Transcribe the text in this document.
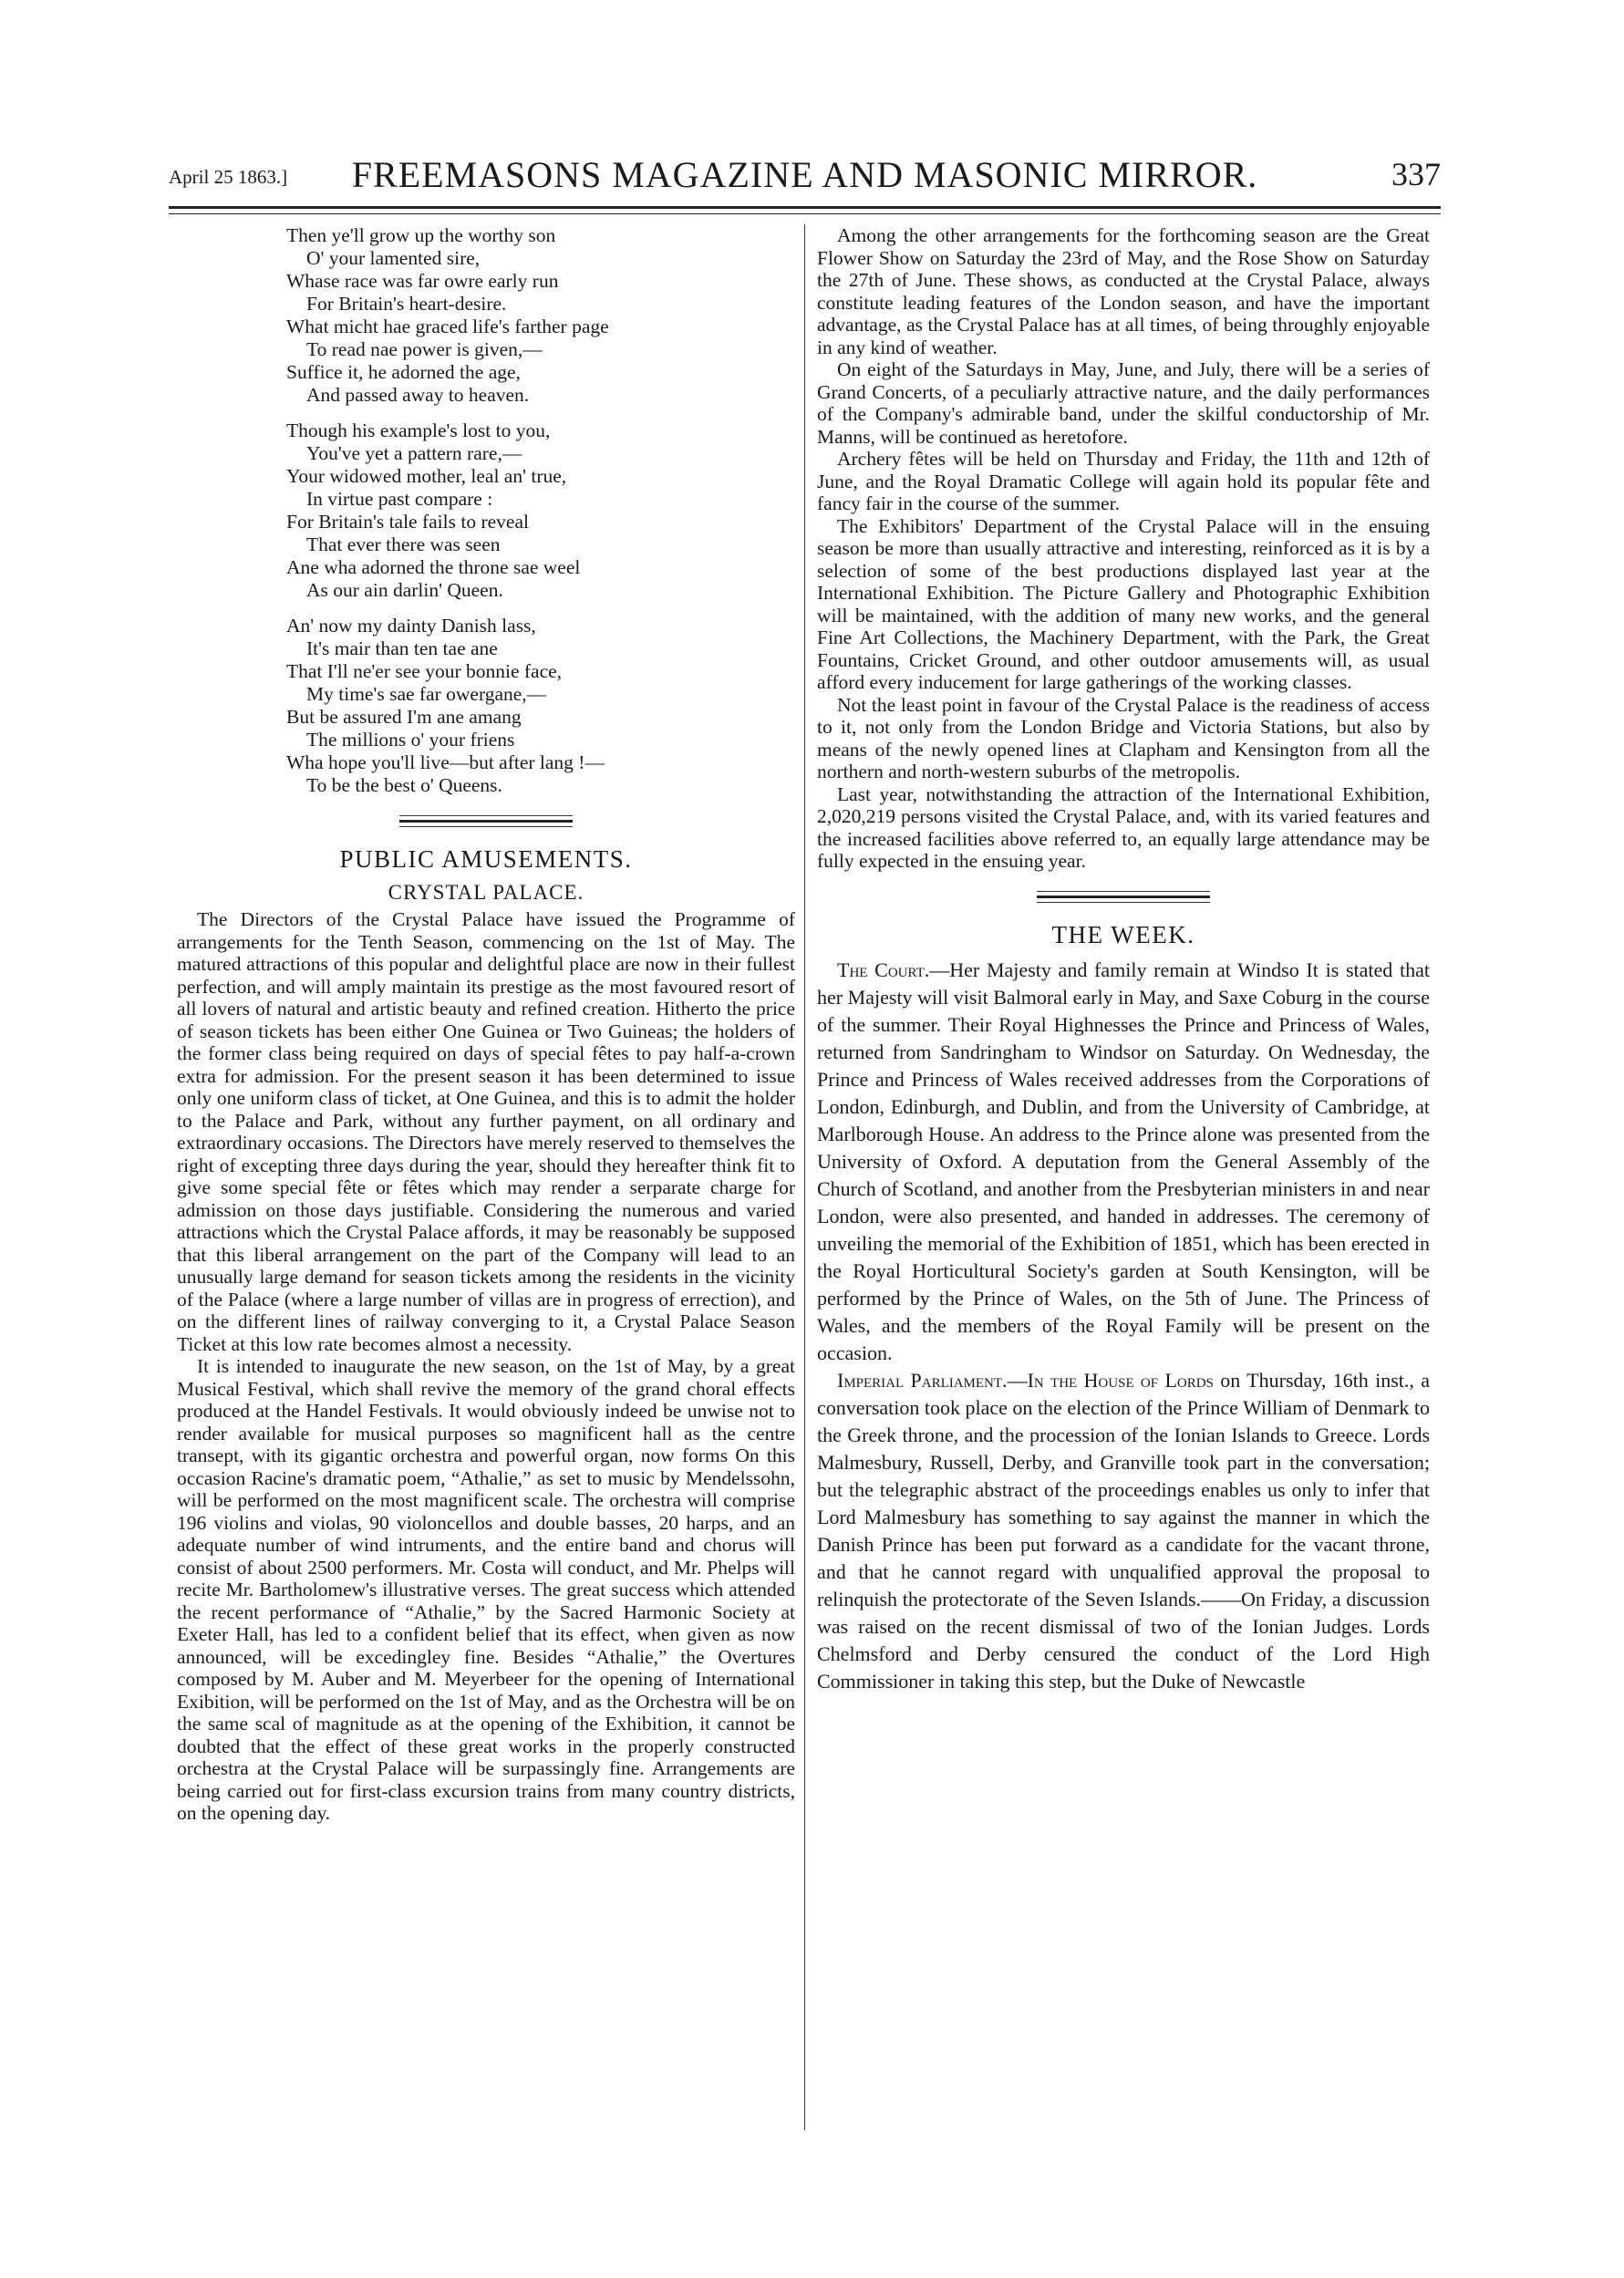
April 25 1863.]	FREEMASONS MAGAZINE AND MASONIC MIRROR.	337
Then ye'll grow up the worthy son
O' your lamented sire,
Whase race was far owre early run
For Britain's heart-desire.
What micht hae graced life's farther page
To read nae power is given,—
Suffice it, he adorned the age,
And passed away to heaven.
Though his example's lost to you,
You've yet a pattern rare,—
Your widowed mother, leal an' true,
In virtue past compare :
For Britain's tale fails to reveal
That ever there was seen
Ane wha adorned the throne sae weel
As our ain darlin' Queen.
An' now my dainty Danish lass,
It's mair than ten tae ane
That I'll ne'er see your bonnie face,
My time's sae far owergane,—
But be assured I'm ane amang
The millions o' your friens
Wha hope you'll live—but after lang !—
To be the best o' Queens.
PUBLIC AMUSEMENTS.
CRYSTAL PALACE.

The Directors of the Crystal Palace have issued the Programme of arrangements for the Tenth Season, commencing on the 1st of May. The matured attractions of this popular and delightful place are now in their fullest perfection, and will amply maintain its prestige as the most favoured resort of all lovers of natural and artistic beauty and refined creation. Hitherto the price of season tickets has been either One Guinea or Two Guineas; the holders of the former class being required on days of special fêtes to pay half-a-crown extra for admission. For the present season it has been determined to issue only one uniform class of ticket, at One Guinea, and this is to admit the holder to the Palace and Park, without any further payment, on all ordinary and extraordinary occasions. The Directors have merely reserved to themselves the right of excepting three days during the year, should they hereafter think fit to give some special fête or fêtes which may render a serparate charge for admission on those days justifiable. Considering the numerous and varied attractions which the Crystal Palace affords, it may be reasonably be supposed that this liberal arrangement on the part of the Company will lead to an unusually large demand for season tickets among the residents in the vicinity of the Palace (where a large number of villas are in progress of errection), and on the different lines of railway converging to it, a Crystal Palace Season Ticket at this low rate becomes almost a necessity.

It is intended to inaugurate the new season, on the 1st of May, by a great Musical Festival, which shall revive the memory of the grand choral effects produced at the Handel Festivals. It would obviously indeed be unwise not to render available for musical purposes so magnificent hall as the centre transept, with its gigantic orchestra and powerful organ, now forms On this occasion Racine's dramatic poem, “Athalie,” as set to music by Mendelssohn, will be performed on the most magnificent scale. The orchestra will comprise 196 violins and violas, 90 violoncellos and double basses, 20 harps, and an adequate number of wind intruments, and the entire band and chorus will consist of about 2500 performers. Mr. Costa will conduct, and Mr. Phelps will recite Mr. Bartholomew's illustrative verses. The great success which attended the recent performance of “Athalie,” by the Sacred Harmonic Society at Exeter Hall, has led to a confident belief that its effect, when given as now announced, will be excedingley fine. Besides “Athalie,” the Overtures composed by M. Auber and M. Meyerbeer for the opening of International Exibition, will be performed on the 1st of May, and as the Orchestra will be on the same scal of magnitude as at the opening of the Exhibition, it cannot be doubted that the effect of these great works in the properly constructed orchestra at the Crystal Palace will be surpassingly fine. Arrangements are being carried out for first-class excursion trains from many country districts, on the opening day.

Among the other arrangements for the forthcoming season are the Great Flower Show on Saturday the 23rd of May, and the Rose Show on Saturday the 27th of June. These shows, as conducted at the Crystal Palace, always constitute leading features of the London season, and have the important advantage, as the Crystal Palace has at all times, of being throughly enjoyable in any kind of weather.

On eight of the Saturdays in May, June, and July, there will be a series of Grand Concerts, of a peculiarly attractive nature, and the daily performances of the Company's admirable band, under the skilful conductorship of Mr. Manns, will be continued as heretofore.

Archery fêtes will be held on Thursday and Friday, the 11th and 12th of June, and the Royal Dramatic College will again hold its popular fête and fancy fair in the course of the summer.

The Exhibitors' Department of the Crystal Palace will in the ensuing season be more than usually attractive and interesting, reinforced as it is by a selection of some of the best productions displayed last year at the International Exhibition. The Picture Gallery and Photographic Exhibition will be maintained, with the addition of many new works, and the general Fine Art Collections, the Machinery Department, with the Park, the Great Fountains, Cricket Ground, and other outdoor amusements will, as usual afford every inducement for large gatherings of the working classes.

Not the least point in favour of the Crystal Palace is the readiness of access to it, not only from the London Bridge and Victoria Stations, but also by means of the newly opened lines at Clapham and Kensington from all the northern and north-western suburbs of the metropolis.

Last year, notwithstanding the attraction of the International Exhibition, 2,020,219 persons visited the Crystal Palace, and, with its varied features and the increased facilities above referred to, an equally large attendance may be fully expected in the ensuing year.

THE WEEK.

The Court.—Her Majesty and family remain at Windso It is stated that her Majesty will visit Balmoral early in May, and Saxe Coburg in the course of the summer. Their Royal Highnesses the Prince and Princess of Wales, returned from Sandringham to Windsor on Saturday. On Wednesday, the Prince and Princess of Wales received addresses from the Corporations of London, Edinburgh, and Dublin, and from the University of Cambridge, at Marlborough House. An address to the Prince alone was presented from the University of Oxford. A deputation from the General Assembly of the Church of Scotland, and another from the Presbyterian ministers in and near London, were also presented, and handed in addresses. The ceremony of unveiling the memorial of the Exhibition of 1851, which has been erected in the Royal Horticultural Society's garden at South Kensington, will be performed by the Prince of Wales, on the 5th of June. The Princess of Wales, and the members of the Royal Family will be present on the occasion.

Imperial Parliament.—In the House of Lords on Thursday, 16th inst., a conversation took place on the election of the Prince William of Denmark to the Greek throne, and the procession of the Ionian Islands to Greece. Lords Malmesbury, Russell, Derby, and Granville took part in the conversation; but the telegraphic abstract of the proceedings enables us only to infer that Lord Malmesbury has something to say against the manner in which the Danish Prince has been put forward as a candidate for the vacant throne, and that he cannot regard with unqualified approval the proposal to relinquish the protectorate of the Seven Islands.——On Friday, a discussion was raised on the recent dismissal of two of the Ionian Judges. Lords Chelmsford and Derby censured the conduct of the Lord High Commissioner in taking this step, but the Duke of Newcastle
